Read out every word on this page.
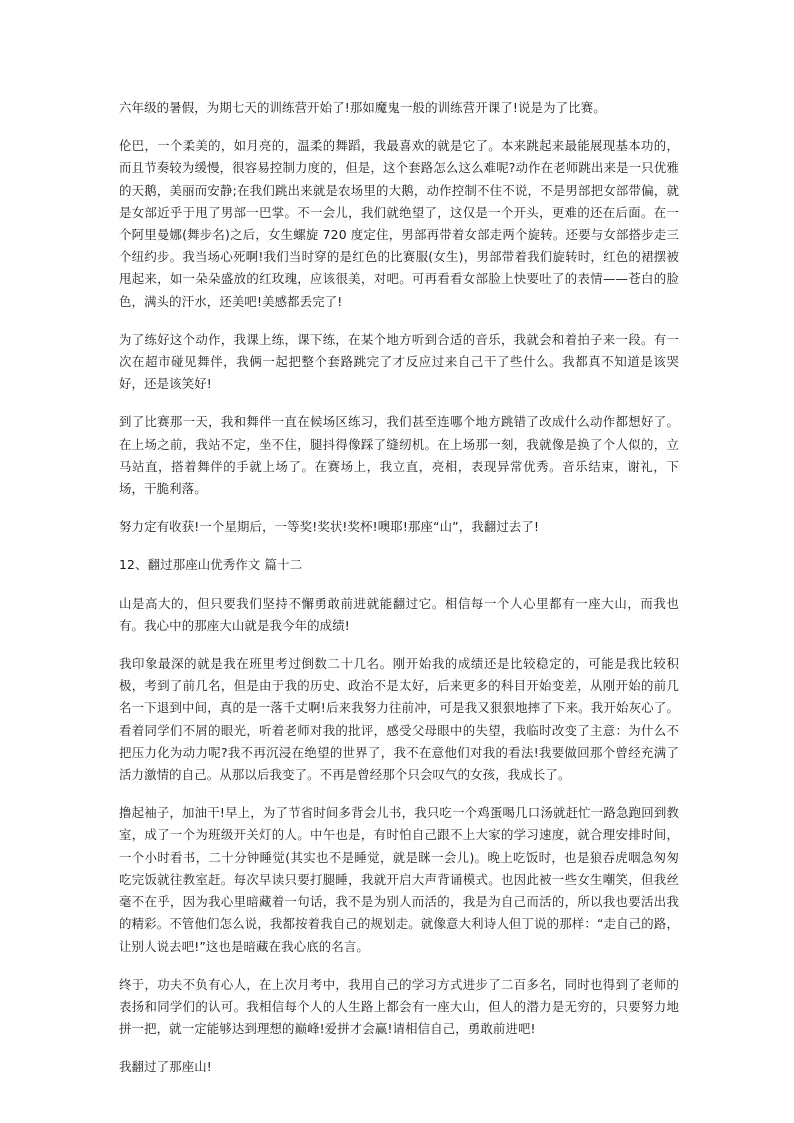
六年级的暑假，为期七天的训练营开始了!那如魔鬼一般的训练营开课了!说是为了比赛。

伦巴，一个柔美的，如月亮的，温柔的舞蹈，我最喜欢的就是它了。本来跳起来最能展现基本功的，而且节奏较为缓慢，很容易控制力度的，但是，这个套路怎么这么难呢?动作在老师跳出来是一只优雅的天鹅，美丽而安静;在我们跳出来就是农场里的大鹅，动作控制不住不说，不是男部把女部带偏，就是女部近乎于甩了男部一巴掌。不一会儿，我们就绝望了，这仅是一个开头，更难的还在后面。在一个阿里曼娜(舞步名)之后，女生螺旋 720 度定住，男部再带着女部走两个旋转。还要与女部搭步走三个纽约步。我当场心死啊!我们当时穿的是红色的比赛服(女生)，男部带着我们旋转时，红色的裙摆被甩起来，如一朵朵盛放的红玫瑰，应该很美，对吧。可再看看女部脸上快要吐了的表情——苍白的脸色，满头的汗水，还美吧!美感都丢完了!

为了练好这个动作，我课上练，课下练，在某个地方听到合适的音乐，我就会和着拍子来一段。有一次在超市碰见舞伴，我俩一起把整个套路跳完了才反应过来自己干了些什么。我都真不知道是该哭好，还是该笑好!

到了比赛那一天，我和舞伴一直在候场区练习，我们甚至连哪个地方跳错了改成什么动作都想好了。在上场之前，我站不定，坐不住，腿抖得像踩了缝纫机。在上场那一刻，我就像是换了个人似的，立马站直，搭着舞伴的手就上场了。在赛场上，我立直，亮相，表现异常优秀。音乐结束，谢礼，下场，干脆利落。

努力定有收获!一个星期后，一等奖!奖状!奖杯!噢耶!那座“山”，我翻过去了!

12、翻过那座山优秀作文 篇十二

山是高大的，但只要我们坚持不懈勇敢前进就能翻过它。相信每一个人心里都有一座大山，而我也有。我心中的那座大山就是我今年的成绩!

我印象最深的就是我在班里考过倒数二十几名。刚开始我的成绩还是比较稳定的，可能是我比较积极，考到了前几名，但是由于我的历史、政治不是太好，后来更多的科目开始变差，从刚开始的前几名一下退到中间，真的是一落千丈啊!后来我努力往前冲，可是我又狠狠地摔了下来。我开始灰心了。看着同学们不屑的眼光，听着老师对我的批评，感受父母眼中的失望，我临时改变了主意：为什么不把压力化为动力呢?我不再沉浸在绝望的世界了，我不在意他们对我的看法!我要做回那个曾经充满了活力激情的自己。从那以后我变了。不再是曾经那个只会叹气的女孩，我成长了。

撸起袖子，加油干!早上，为了节省时间多背会儿书，我只吃一个鸡蛋喝几口汤就赶忙一路急跑回到教室，成了一个为班级开关灯的人。中午也是，有时怕自己跟不上大家的学习速度，就合理安排时间，一个小时看书，二十分钟睡觉(其实也不是睡觉，就是眯一会儿)。晚上吃饭时，也是狼吞虎咽急匆匆吃完饭就往教室赶。每次早读只要打腿睡，我就开启大声背诵模式。也因此被一些女生嘲笑，但我丝毫不在乎，因为我心里暗藏着一句话，我不是为别人而活的，我是为自己而活的，所以我也要活出我的精彩。不管他们怎么说，我都按着我自己的规划走。就像意大利诗人但丁说的那样：“走自己的路，让别人说去吧!”这也是暗藏在我心底的名言。

终于，功夫不负有心人，在上次月考中，我用自己的学习方式进步了二百多名，同时也得到了老师的表扬和同学们的认可。我相信每个人的人生路上都会有一座大山，但人的潜力是无穷的，只要努力地拼一把，就一定能够达到理想的巅峰!爱拼才会赢!请相信自己，勇敢前进吧!

我翻过了那座山!
